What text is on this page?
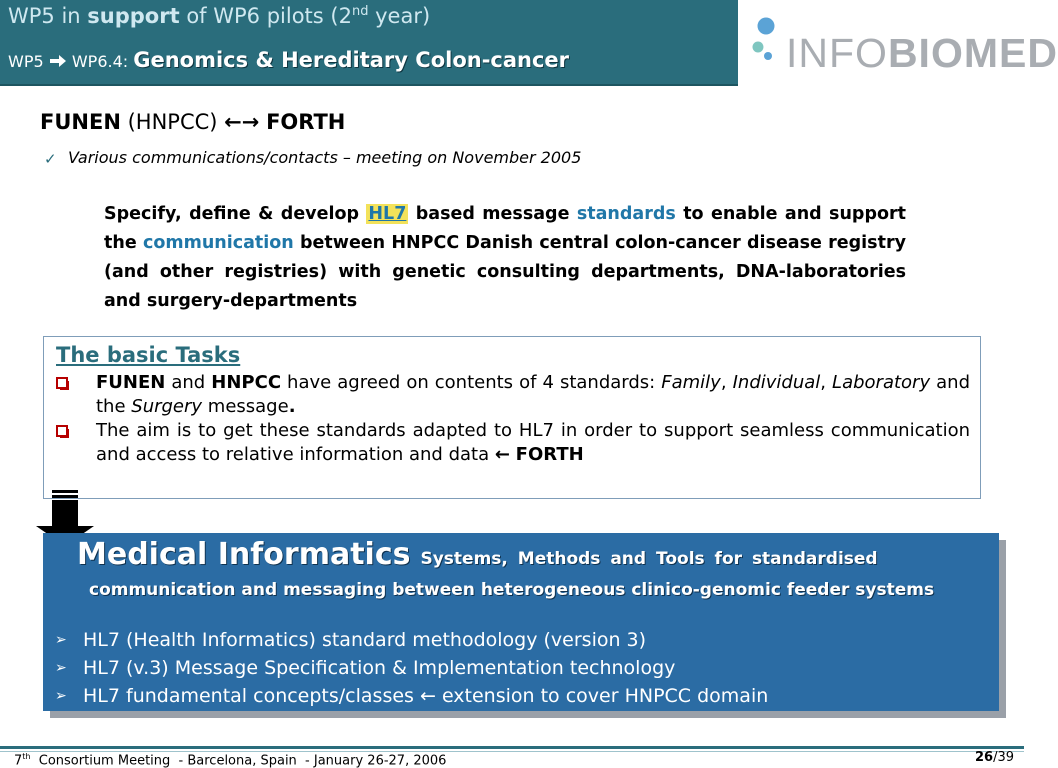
WP5 in support of WP6 pilots (2nd year)
WP5 WP6.4: Genomics & Hereditary Colon-cancer	INFOBIOMED
FUNEN (HNPCC) ←→ FORTH
✓ Various communications/contacts – meeting on November 2005
Specify, define & develop HL7 based message standards to enable and support the communication between HNPCC Danish central colon-cancer disease registry (and other registries) with genetic consulting departments, DNA-laboratories and surgery-departments
The basic Tasks
FUNEN and HNPCC have agreed on contents of 4 standards: Family, Individual, Laboratory and the Surgery message.
The aim is to get these standards adapted to HL7 in order to support seamless communication and access to relative information and data ← FORTH
Medical Informatics Systems, Methods and Tools for standardised
communication and messaging between heterogeneous clinico-genomic feeder systems
➢ HL7 (Health Informatics) standard methodology (version 3)
➢ HL7 (v.3) Message Specification & Implementation technology
➢ HL7 fundamental concepts/classes ← extension to cover HNPCC domain
7th  Consortium Meeting  - Barcelona, Spain  - January 26-27, 2006	26/39
